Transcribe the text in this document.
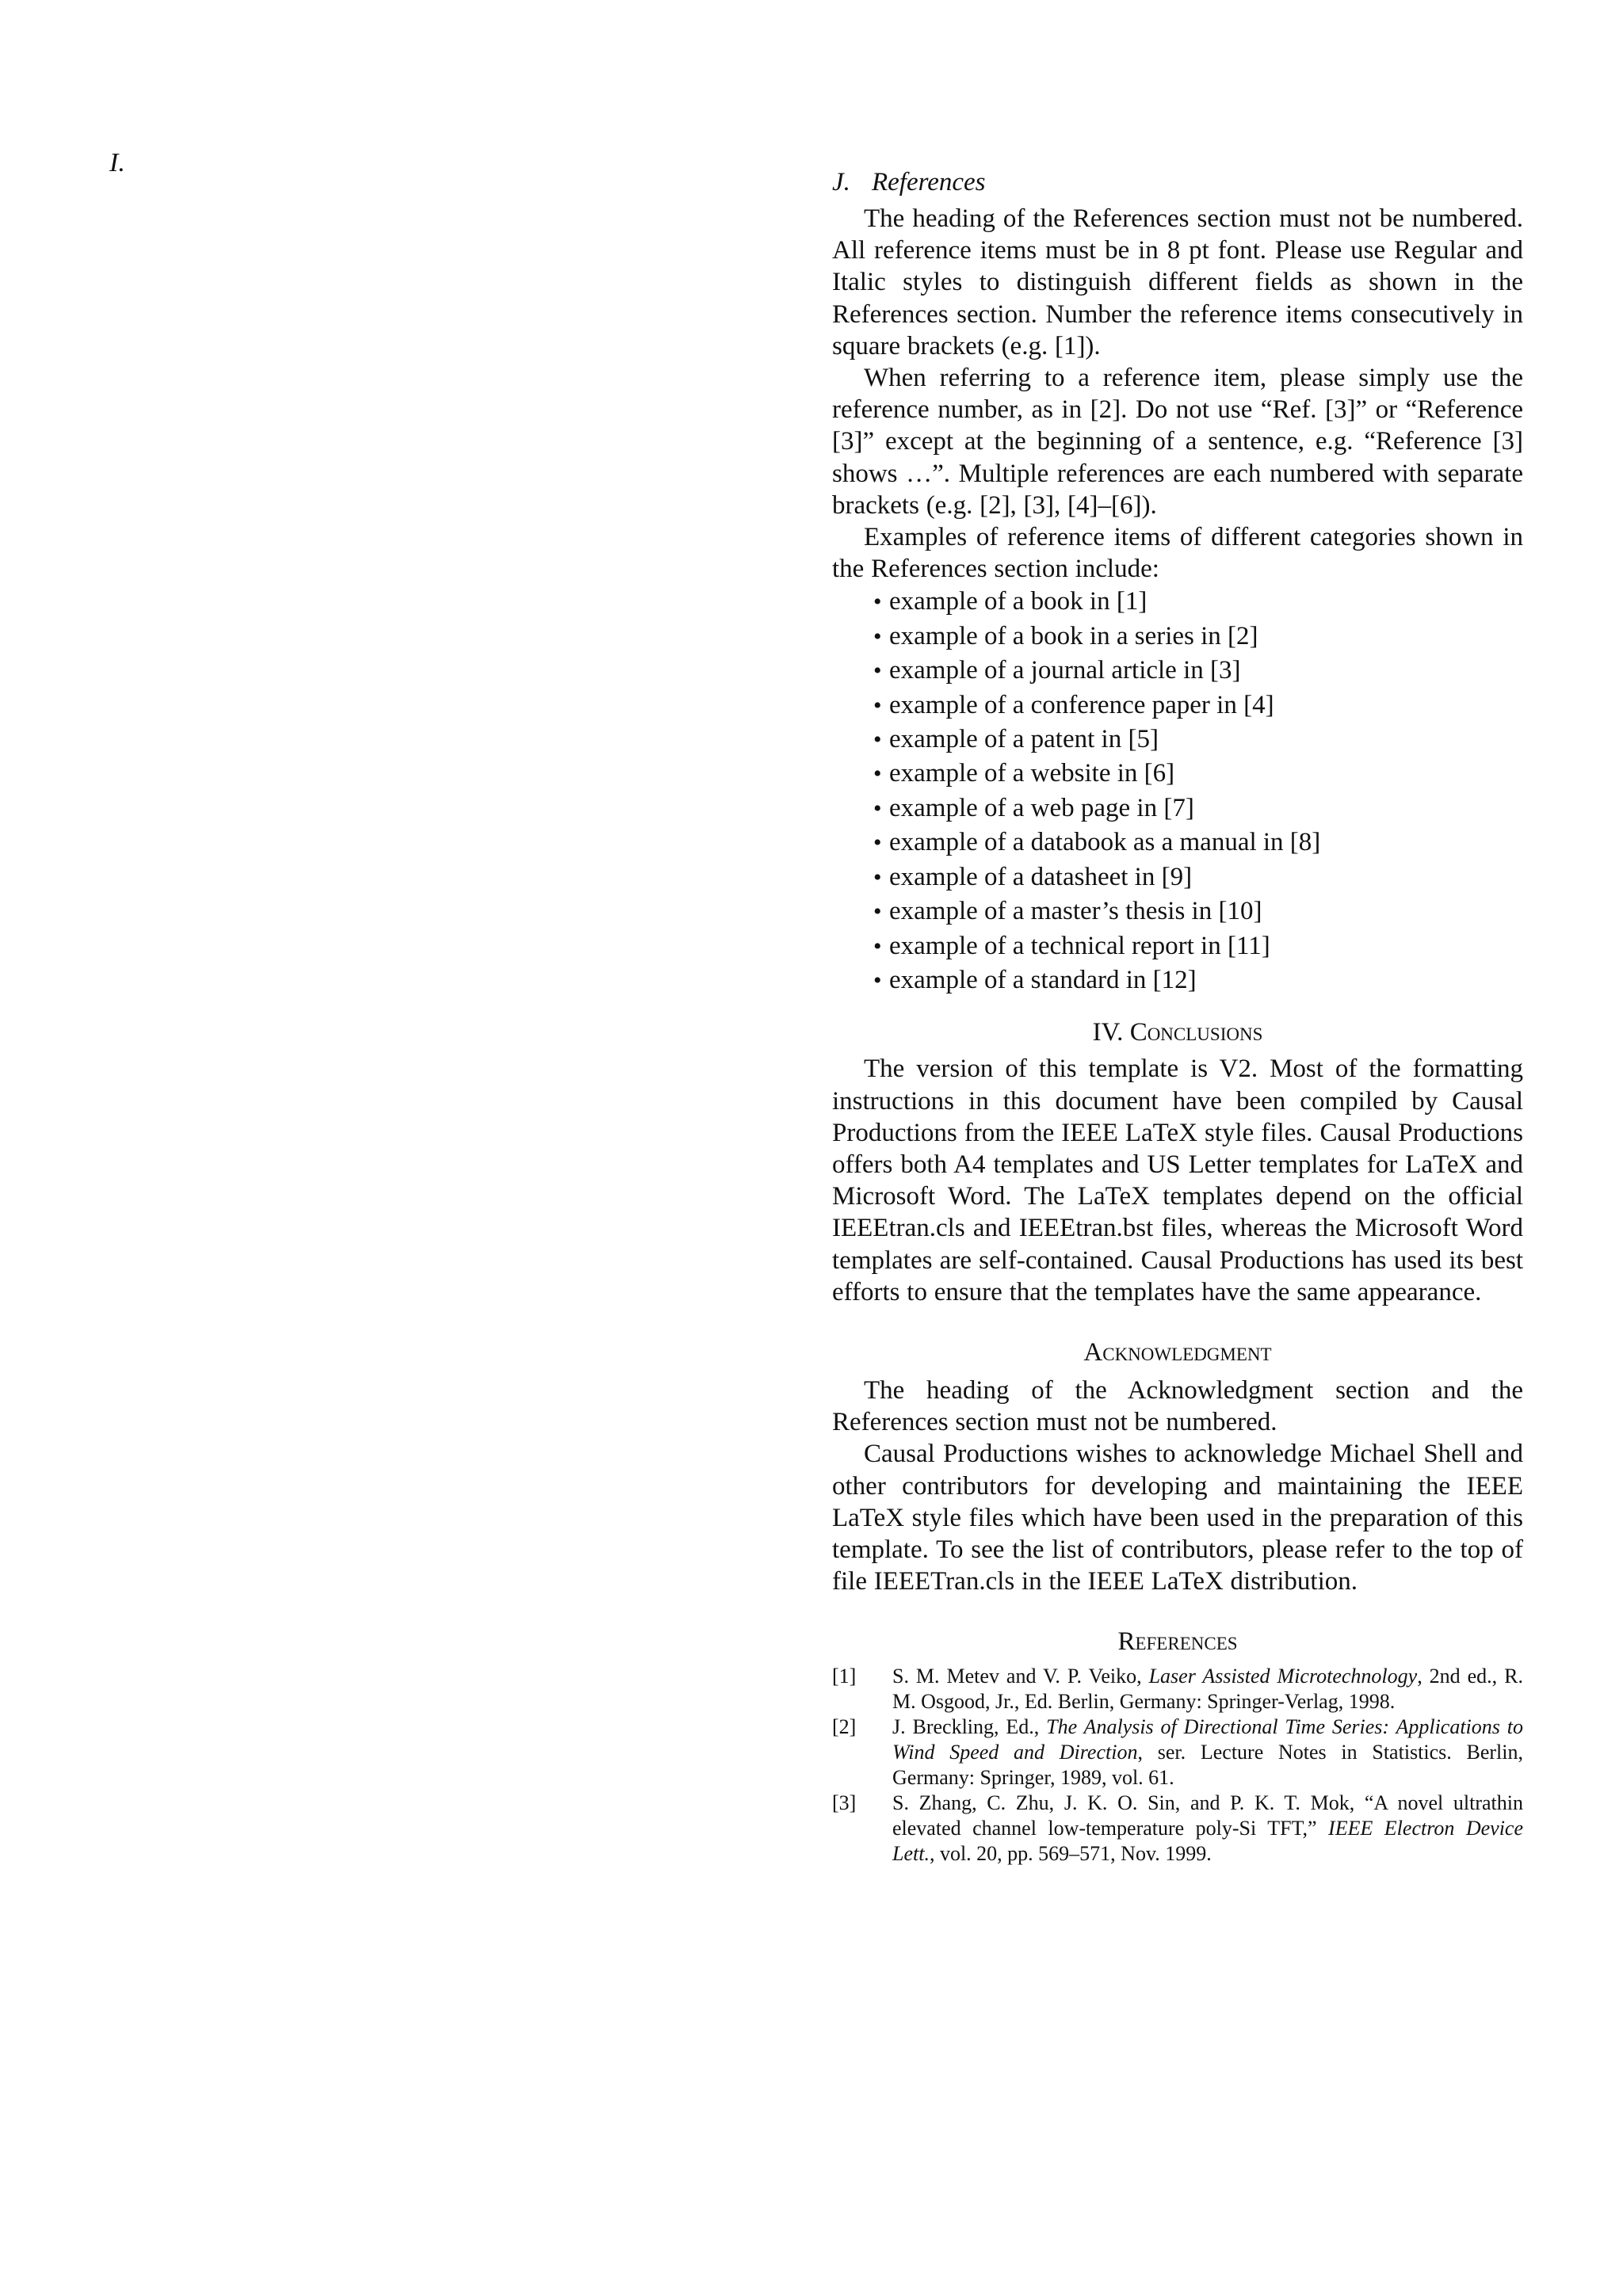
I.
J. References

The heading of the References section must not be numbered. All reference items must be in 8 pt font. Please use Regular and Italic styles to distinguish different fields as shown in the References section. Number the reference items consecutively in square brackets (e.g. [1]).

When referring to a reference item, please simply use the reference number, as in [2]. Do not use “Ref. [3]” or “Reference [3]” except at the beginning of a sentence, e.g. “Reference [3] shows …”. Multiple references are each numbered with separate brackets (e.g. [2], [3], [4]–[6]).

Examples of reference items of different categories shown in the References section include:

• example of a book in [1]
• example of a book in a series in [2]
• example of a journal article in [3]
• example of a conference paper in [4]
• example of a patent in [5]
• example of a website in [6]
• example of a web page in [7]
• example of a databook as a manual in [8]
• example of a datasheet in [9]
• example of a master’s thesis in [10]
• example of a technical report in [11]
• example of a standard in [12]
IV. Conclusions

The version of this template is V2. Most of the formatting instructions in this document have been compiled by Causal Productions from the IEEE LaTeX style files. Causal Productions offers both A4 templates and US Letter templates for LaTeX and Microsoft Word. The LaTeX templates depend on the official IEEEtran.cls and IEEEtran.bst files, whereas the Microsoft Word templates are self-contained. Causal Productions has used its best efforts to ensure that the templates have the same appearance.

Acknowledgment

The heading of the Acknowledgment section and the References section must not be numbered.

Causal Productions wishes to acknowledge Michael Shell and other contributors for developing and maintaining the IEEE LaTeX style files which have been used in the preparation of this template. To see the list of contributors, please refer to the top of file IEEETran.cls in the IEEE LaTeX distribution.

References
[1]	S. M. Metev and V. P. Veiko, Laser Assisted Microtechnology, 2nd ed., R. M. Osgood, Jr., Ed. Berlin, Germany: Springer-Verlag, 1998.
[2]	J. Breckling, Ed., The Analysis of Directional Time Series: Applications to Wind Speed and Direction, ser. Lecture Notes in Statistics. Berlin, Germany: Springer, 1989, vol. 61.
[3]	S. Zhang, C. Zhu, J. K. O. Sin, and P. K. T. Mok, “A novel ultrathin elevated channel low-temperature poly-Si TFT,” IEEE Electron Device Lett., vol. 20, pp. 569–571, Nov. 1999.
